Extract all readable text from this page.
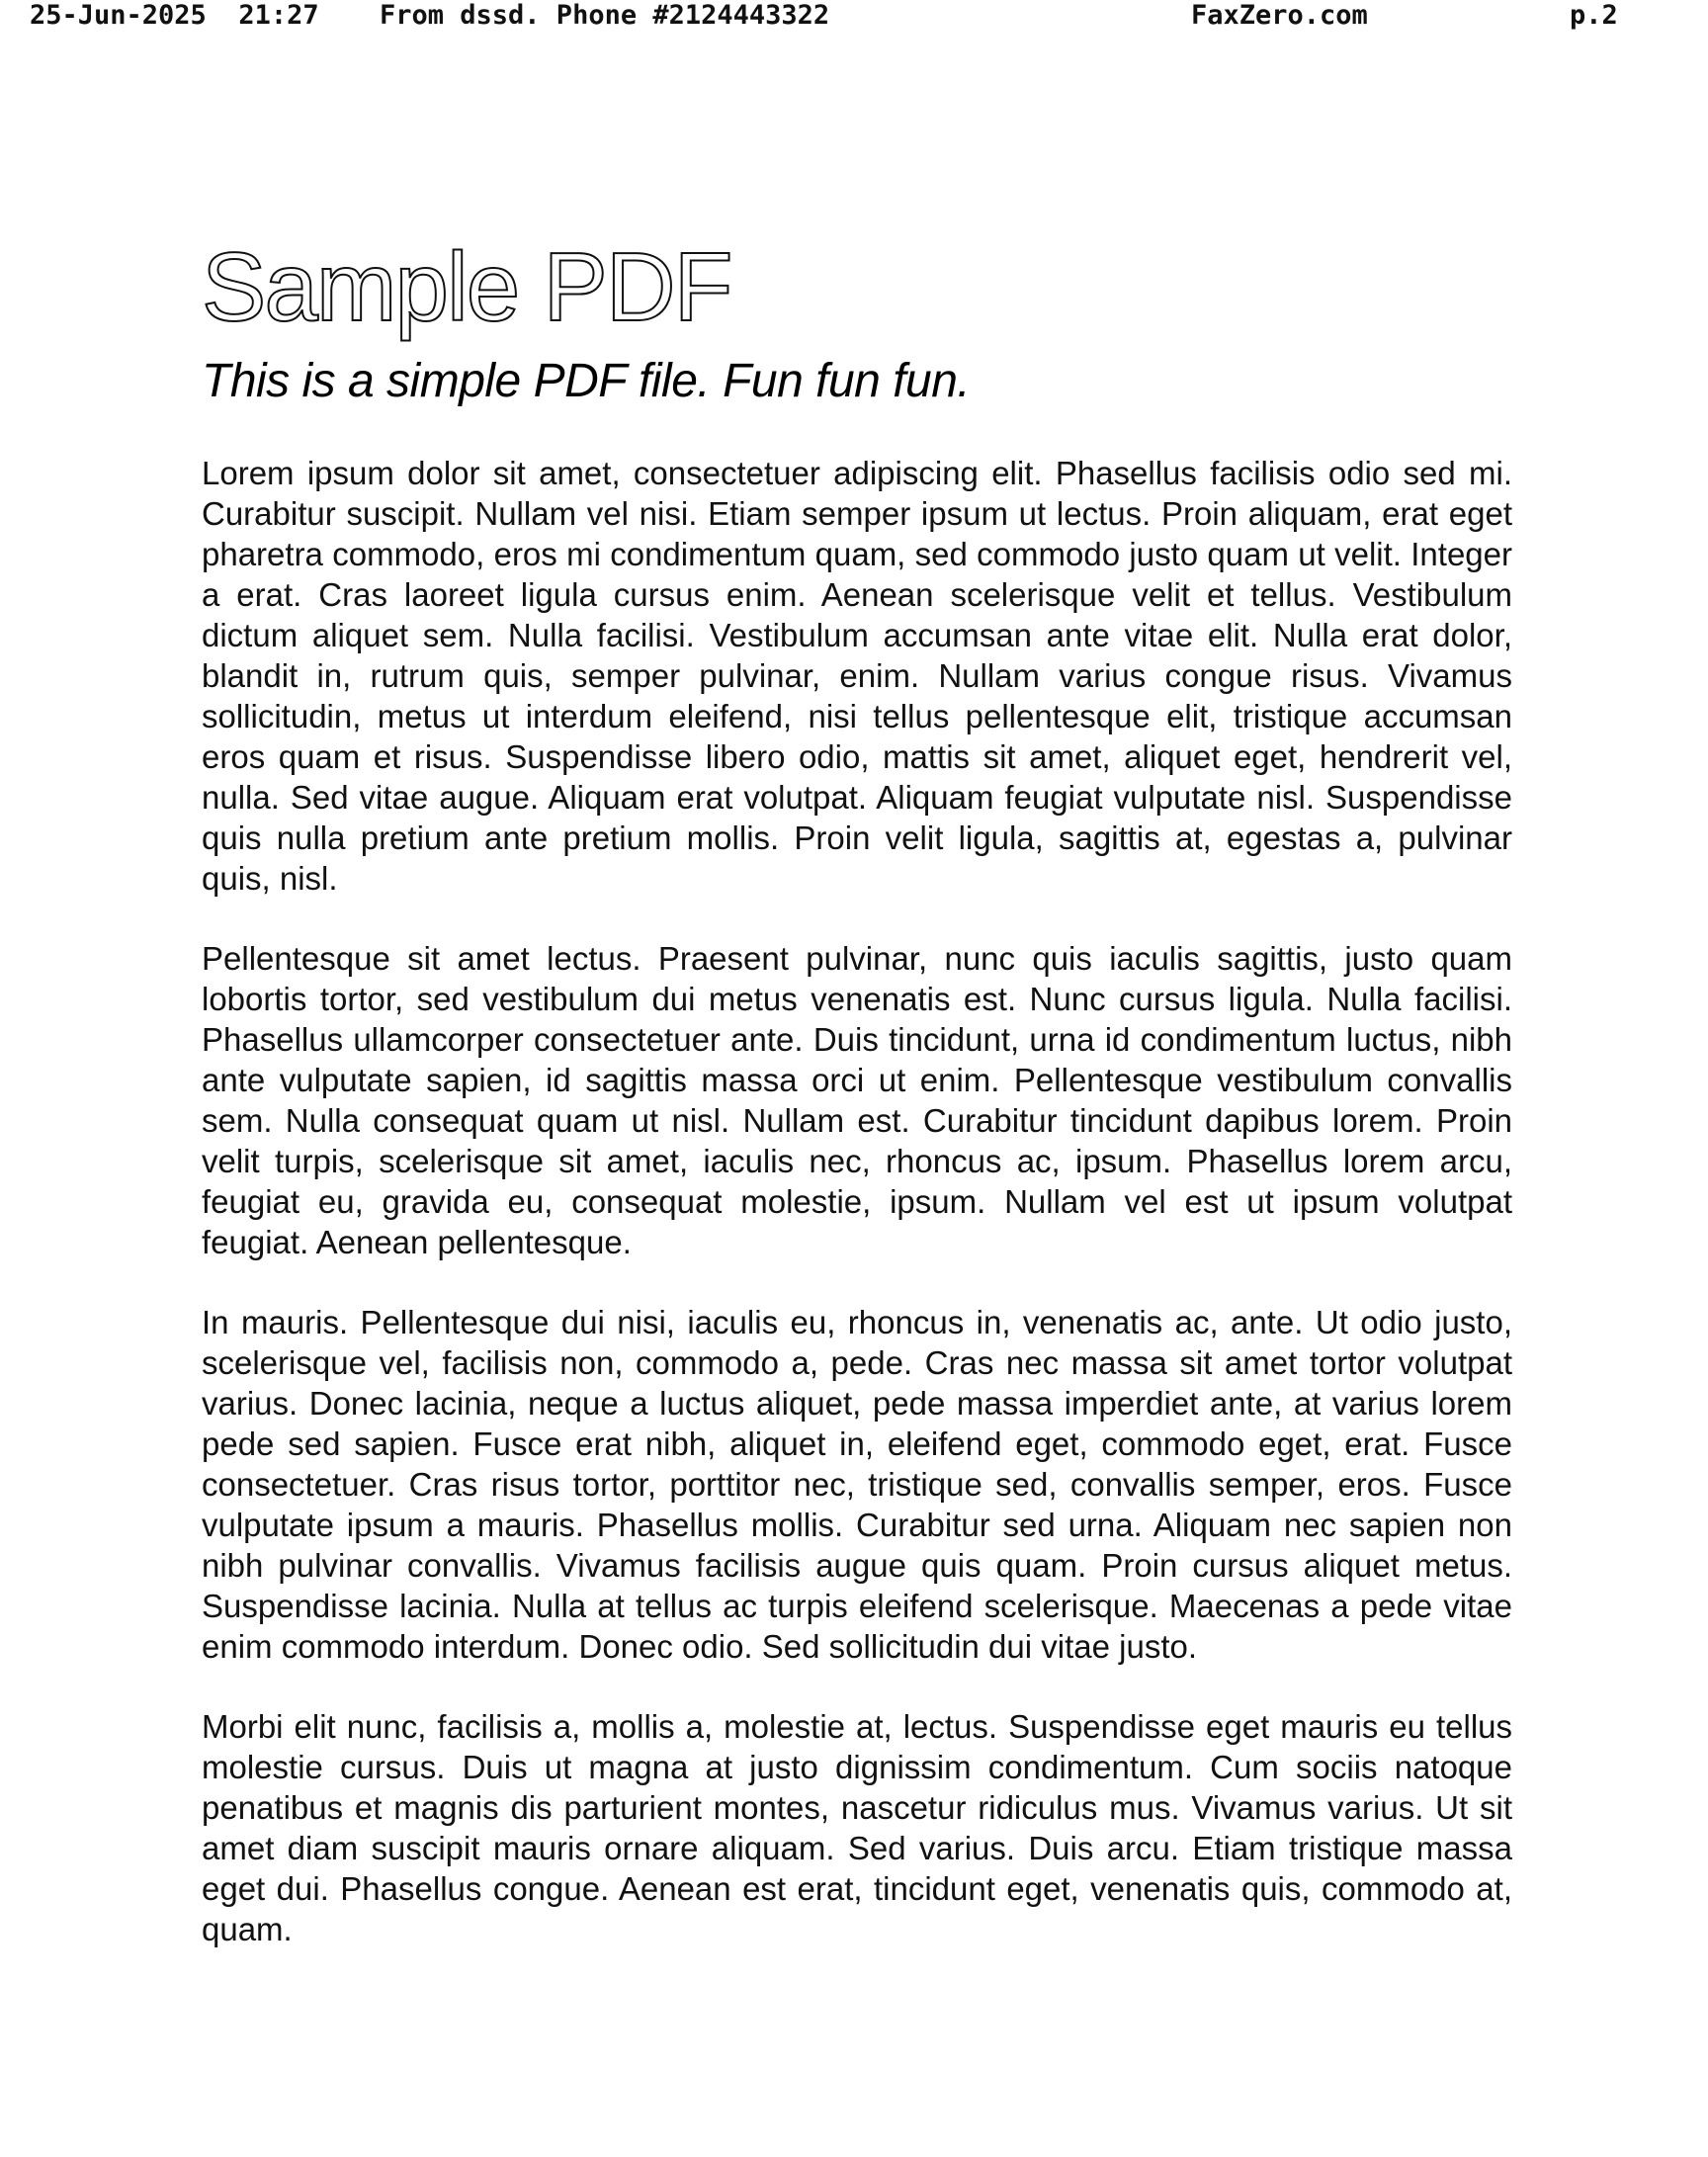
25-Jun-2025 21:27 From dssd. Phone #2124443322	FaxZero.com	p.2
Sample PDF
This is a simple PDF file. Fun fun fun.

Lorem ipsum dolor sit amet, consectetuer adipiscing elit. Phasellus facilisis odio sed mi. Curabitur suscipit. Nullam vel nisi. Etiam semper ipsum ut lectus. Proin aliquam, erat eget pharetra commodo, eros mi condimentum quam, sed commodo justo quam ut velit. Integer a erat. Cras laoreet ligula cursus enim. Aenean scelerisque velit et tellus. Vestibulum dictum aliquet sem. Nulla facilisi. Vestibulum accumsan ante vitae elit. Nulla erat dolor, blandit in, rutrum quis, semper pulvinar, enim. Nullam varius congue risus. Vivamus sollicitudin, metus ut interdum eleifend, nisi tellus pellentesque elit, tristique accumsan eros quam et risus. Suspendisse libero odio, mattis sit amet, aliquet eget, hendrerit vel, nulla. Sed vitae augue. Aliquam erat volutpat. Aliquam feugiat vulputate nisl. Suspendisse quis nulla pretium ante pretium mollis. Proin velit ligula, sagittis at, egestas a, pulvinar quis, nisl.

Pellentesque sit amet lectus. Praesent pulvinar, nunc quis iaculis sagittis, justo quam lobortis tortor, sed vestibulum dui metus venenatis est. Nunc cursus ligula. Nulla facilisi. Phasellus ullamcorper consectetuer ante. Duis tincidunt, urna id condimentum luctus, nibh ante vulputate sapien, id sagittis massa orci ut enim. Pellentesque vestibulum convallis sem. Nulla consequat quam ut nisl. Nullam est. Curabitur tincidunt dapibus lorem. Proin velit turpis, scelerisque sit amet, iaculis nec, rhoncus ac, ipsum. Phasellus lorem arcu, feugiat eu, gravida eu, consequat molestie, ipsum. Nullam vel est ut ipsum volutpat feugiat. Aenean pellentesque.

In mauris. Pellentesque dui nisi, iaculis eu, rhoncus in, venenatis ac, ante. Ut odio justo, scelerisque vel, facilisis non, commodo a, pede. Cras nec massa sit amet tortor volutpat varius. Donec lacinia, neque a luctus aliquet, pede massa imperdiet ante, at varius lorem pede sed sapien. Fusce erat nibh, aliquet in, eleifend eget, commodo eget, erat. Fusce consectetuer. Cras risus tortor, porttitor nec, tristique sed, convallis semper, eros. Fusce vulputate ipsum a mauris. Phasellus mollis. Curabitur sed urna. Aliquam nec sapien non nibh pulvinar convallis. Vivamus facilisis augue quis quam. Proin cursus aliquet metus. Suspendisse lacinia. Nulla at tellus ac turpis eleifend scelerisque. Maecenas a pede vitae enim commodo interdum. Donec odio. Sed sollicitudin dui vitae justo.

Morbi elit nunc, facilisis a, mollis a, molestie at, lectus. Suspendisse eget mauris eu tellus molestie cursus. Duis ut magna at justo dignissim condimentum. Cum sociis natoque penatibus et magnis dis parturient montes, nascetur ridiculus mus. Vivamus varius. Ut sit amet diam suscipit mauris ornare aliquam. Sed varius. Duis arcu. Etiam tristique massa eget dui. Phasellus congue. Aenean est erat, tincidunt eget, venenatis quis, commodo at, quam.
